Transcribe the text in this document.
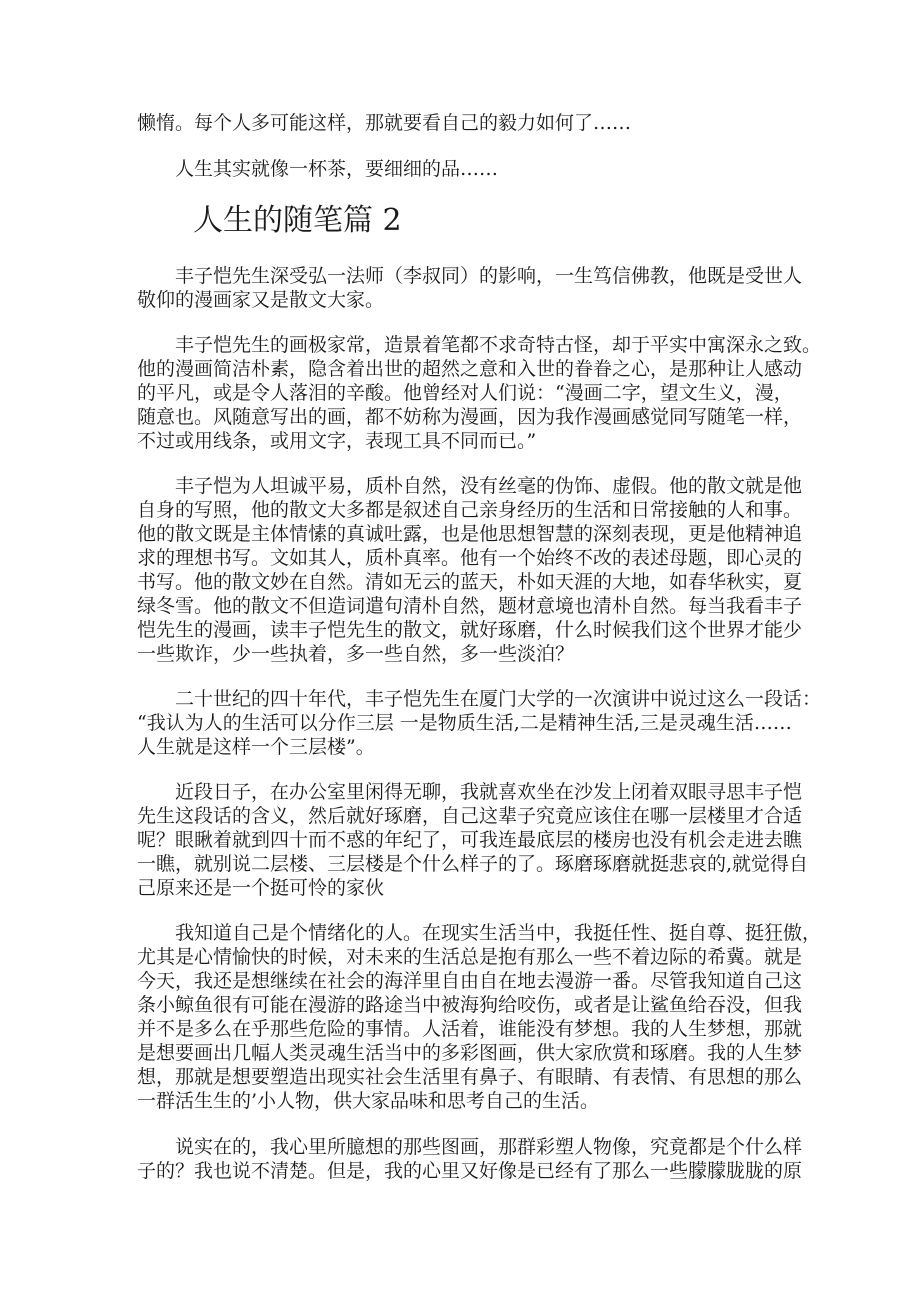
懒惰。每个人多可能这样，那就要看自己的毅力如何了……

　　人生其实就像一杯茶，要细细的品……

人生的随笔篇 2

　　丰子恺先生深受弘一法师（李叔同）的影响，一生笃信佛教，他既是受世人
敬仰的漫画家又是散文大家。

　　丰子恺先生的画极家常，造景着笔都不求奇特古怪，却于平实中寓深永之致。
他的漫画简洁朴素，隐含着出世的超然之意和入世的眷眷之心，是那种让人感动
的平凡，或是令人落泪的辛酸。他曾经对人们说：“漫画二字，望文生义，漫，
随意也。风随意写出的画，都不妨称为漫画，因为我作漫画感觉同写随笔一样，
不过或用线条，或用文字，表现工具不同而已。”

　　丰子恺为人坦诚平易，质朴自然，没有丝毫的伪饰、虚假。他的散文就是他
自身的写照，他的散文大多都是叙述自己亲身经历的生活和日常接触的人和事。
他的散文既是主体情愫的真诚吐露，也是他思想智慧的深刻表现，更是他精神追
求的理想书写。文如其人，质朴真率。他有一个始终不改的表述母题，即心灵的
书写。他的散文妙在自然。清如无云的蓝天，朴如天涯的大地，如春华秋实，夏
绿冬雪。他的散文不但造词遣句清朴自然，题材意境也清朴自然。每当我看丰子
恺先生的漫画，读丰子恺先生的散文，就好琢磨，什么时候我们这个世界才能少
一些欺诈，少一些执着，多一些自然，多一些淡泊？

　　二十世纪的四十年代，丰子恺先生在厦门大学的一次演讲中说过这么一段话：
“我认为人的生活可以分作三层 一是物质生活,二是精神生活,三是灵魂生活……
人生就是这样一个三层楼”。

　　近段日子，在办公室里闲得无聊，我就喜欢坐在沙发上闭着双眼寻思丰子恺
先生这段话的含义，然后就好琢磨，自己这辈子究竟应该住在哪一层楼里才合适
呢？眼瞅着就到四十而不惑的年纪了，可我连最底层的楼房也没有机会走进去瞧
一瞧，就别说二层楼、三层楼是个什么样子的了。琢磨琢磨就挺悲哀的,就觉得自
己原来还是一个挺可怜的家伙

　　我知道自己是个情绪化的人。在现实生活当中，我挺任性、挺自尊、挺狂傲，
尤其是心情愉快的时候，对未来的生活总是抱有那么一些不着边际的希冀。就是
今天，我还是想继续在社会的海洋里自由自在地去漫游一番。尽管我知道自己这
条小鲸鱼很有可能在漫游的路途当中被海狗给咬伤，或者是让鲨鱼给吞没，但我
并不是多么在乎那些危险的事情。人活着，谁能没有梦想。我的人生梦想，那就
是想要画出几幅人类灵魂生活当中的多彩图画，供大家欣赏和琢磨。我的人生梦
想，那就是想要塑造出现实社会生活里有鼻子、有眼睛、有表情、有思想的那么
一群活生生的’小人物，供大家品味和思考自己的生活。

　　说实在的，我心里所臆想的那些图画，那群彩塑人物像，究竟都是个什么样
子的？我也说不清楚。但是，我的心里又好像是已经有了那么一些朦朦胧胧的原
